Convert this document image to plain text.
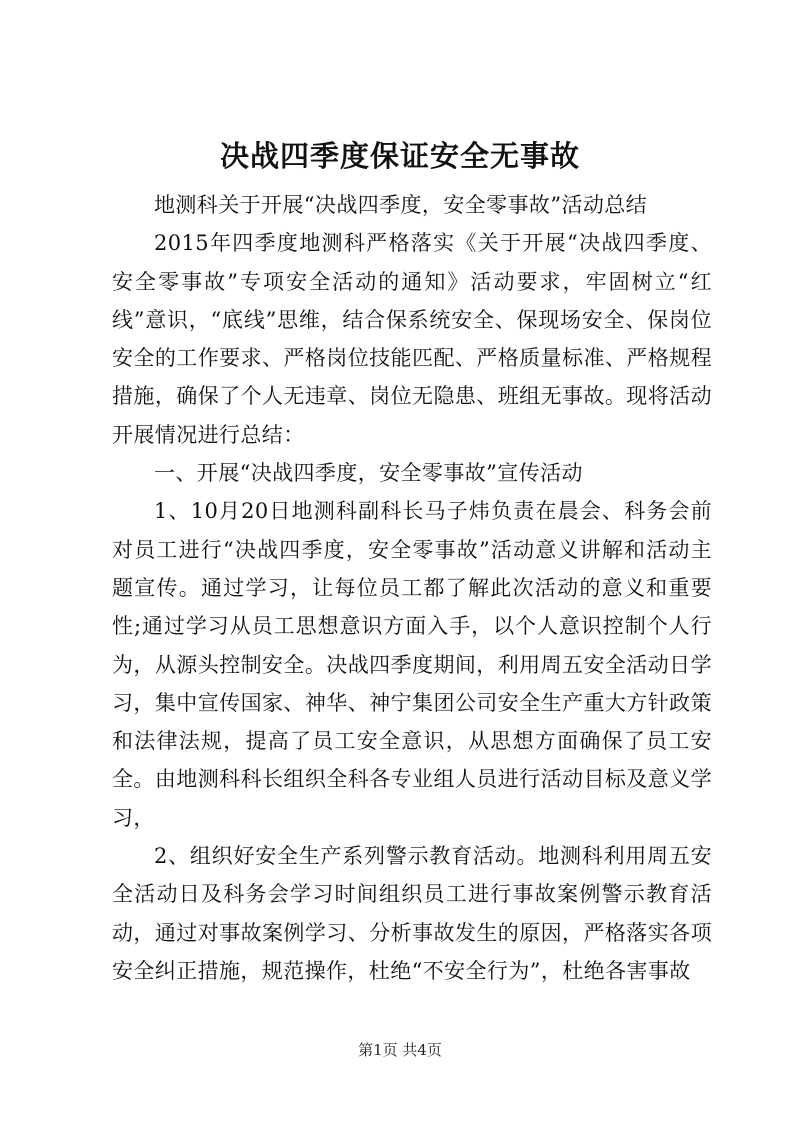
决战四季度保证安全无事故

地测科关于开展“决战四季度，安全零事故”活动总结

2015年四季度地测科严格落实《关于开展“决战四季度、安全零事故”专项安全活动的通知》活动要求，牢固树立“红线”意识，“底线”思维，结合保系统安全、保现场安全、保岗位安全的工作要求、严格岗位技能匹配、严格质量标准、严格规程措施，确保了个人无违章、岗位无隐患、班组无事故。现将活动开展情况进行总结：

一、开展“决战四季度，安全零事故”宣传活动

1、10月20日地测科副科长马子炜负责在晨会、科务会前对员工进行“决战四季度，安全零事故”活动意义讲解和活动主题宣传。通过学习，让每位员工都了解此次活动的意义和重要性;通过学习从员工思想意识方面入手，以个人意识控制个人行为，从源头控制安全。决战四季度期间，利用周五安全活动日学习，集中宣传国家、神华、神宁集团公司安全生产重大方针政策和法律法规，提高了员工安全意识，从思想方面确保了员工安全。由地测科科长组织全科各专业组人员进行活动目标及意义学习，

2、组织好安全生产系列警示教育活动。地测科利用周五安全活动日及科务会学习时间组织员工进行事故案例警示教育活动，通过对事故案例学习、分析事故发生的原因，严格落实各项安全纠正措施，规范操作，杜绝“不安全行为”，杜绝各害事故

第1页 共4页
